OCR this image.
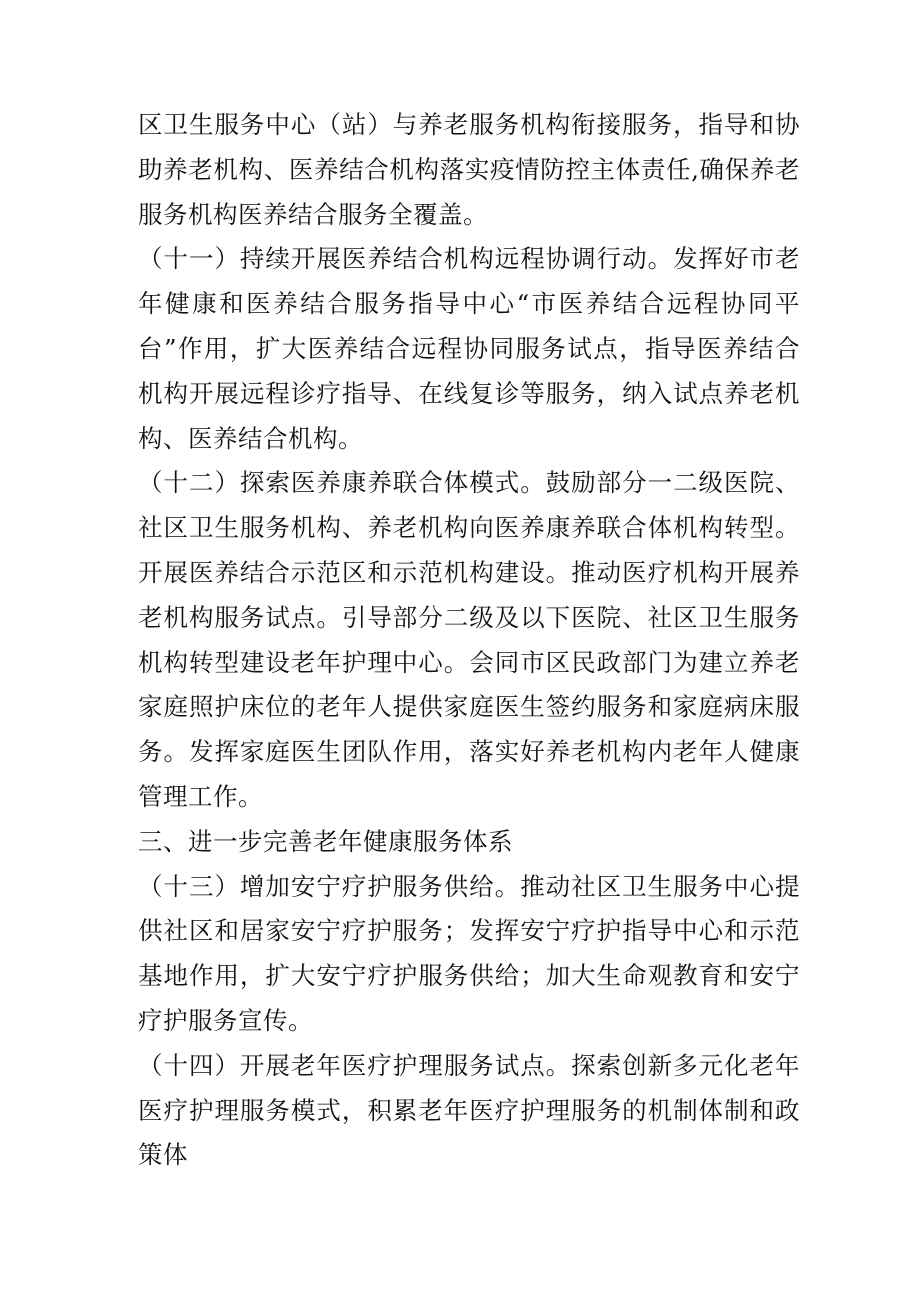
区卫生服务中心（站）与养老服务机构衔接服务，指导和协助养老机构、医养结合机构落实疫情防控主体责任,确保养老服务机构医养结合服务全覆盖。

（十一）持续开展医养结合机构远程协调行动。发挥好市老年健康和医养结合服务指导中心“市医养结合远程协同平台”作用，扩大医养结合远程协同服务试点，指导医养结合机构开展远程诊疗指导、在线复诊等服务，纳入试点养老机构、医养结合机构。

（十二）探索医养康养联合体模式。鼓励部分一二级医院、社区卫生服务机构、养老机构向医养康养联合体机构转型。开展医养结合示范区和示范机构建设。推动医疗机构开展养老机构服务试点。引导部分二级及以下医院、社区卫生服务机构转型建设老年护理中心。会同市区民政部门为建立养老家庭照护床位的老年人提供家庭医生签约服务和家庭病床服务。发挥家庭医生团队作用，落实好养老机构内老年人健康管理工作。

三、进一步完善老年健康服务体系

（十三）增加安宁疗护服务供给。推动社区卫生服务中心提供社区和居家安宁疗护服务；发挥安宁疗护指导中心和示范基地作用，扩大安宁疗护服务供给；加大生命观教育和安宁疗护服务宣传。

（十四）开展老年医疗护理服务试点。探索创新多元化老年医疗护理服务模式，积累老年医疗护理服务的机制体制和政策体
